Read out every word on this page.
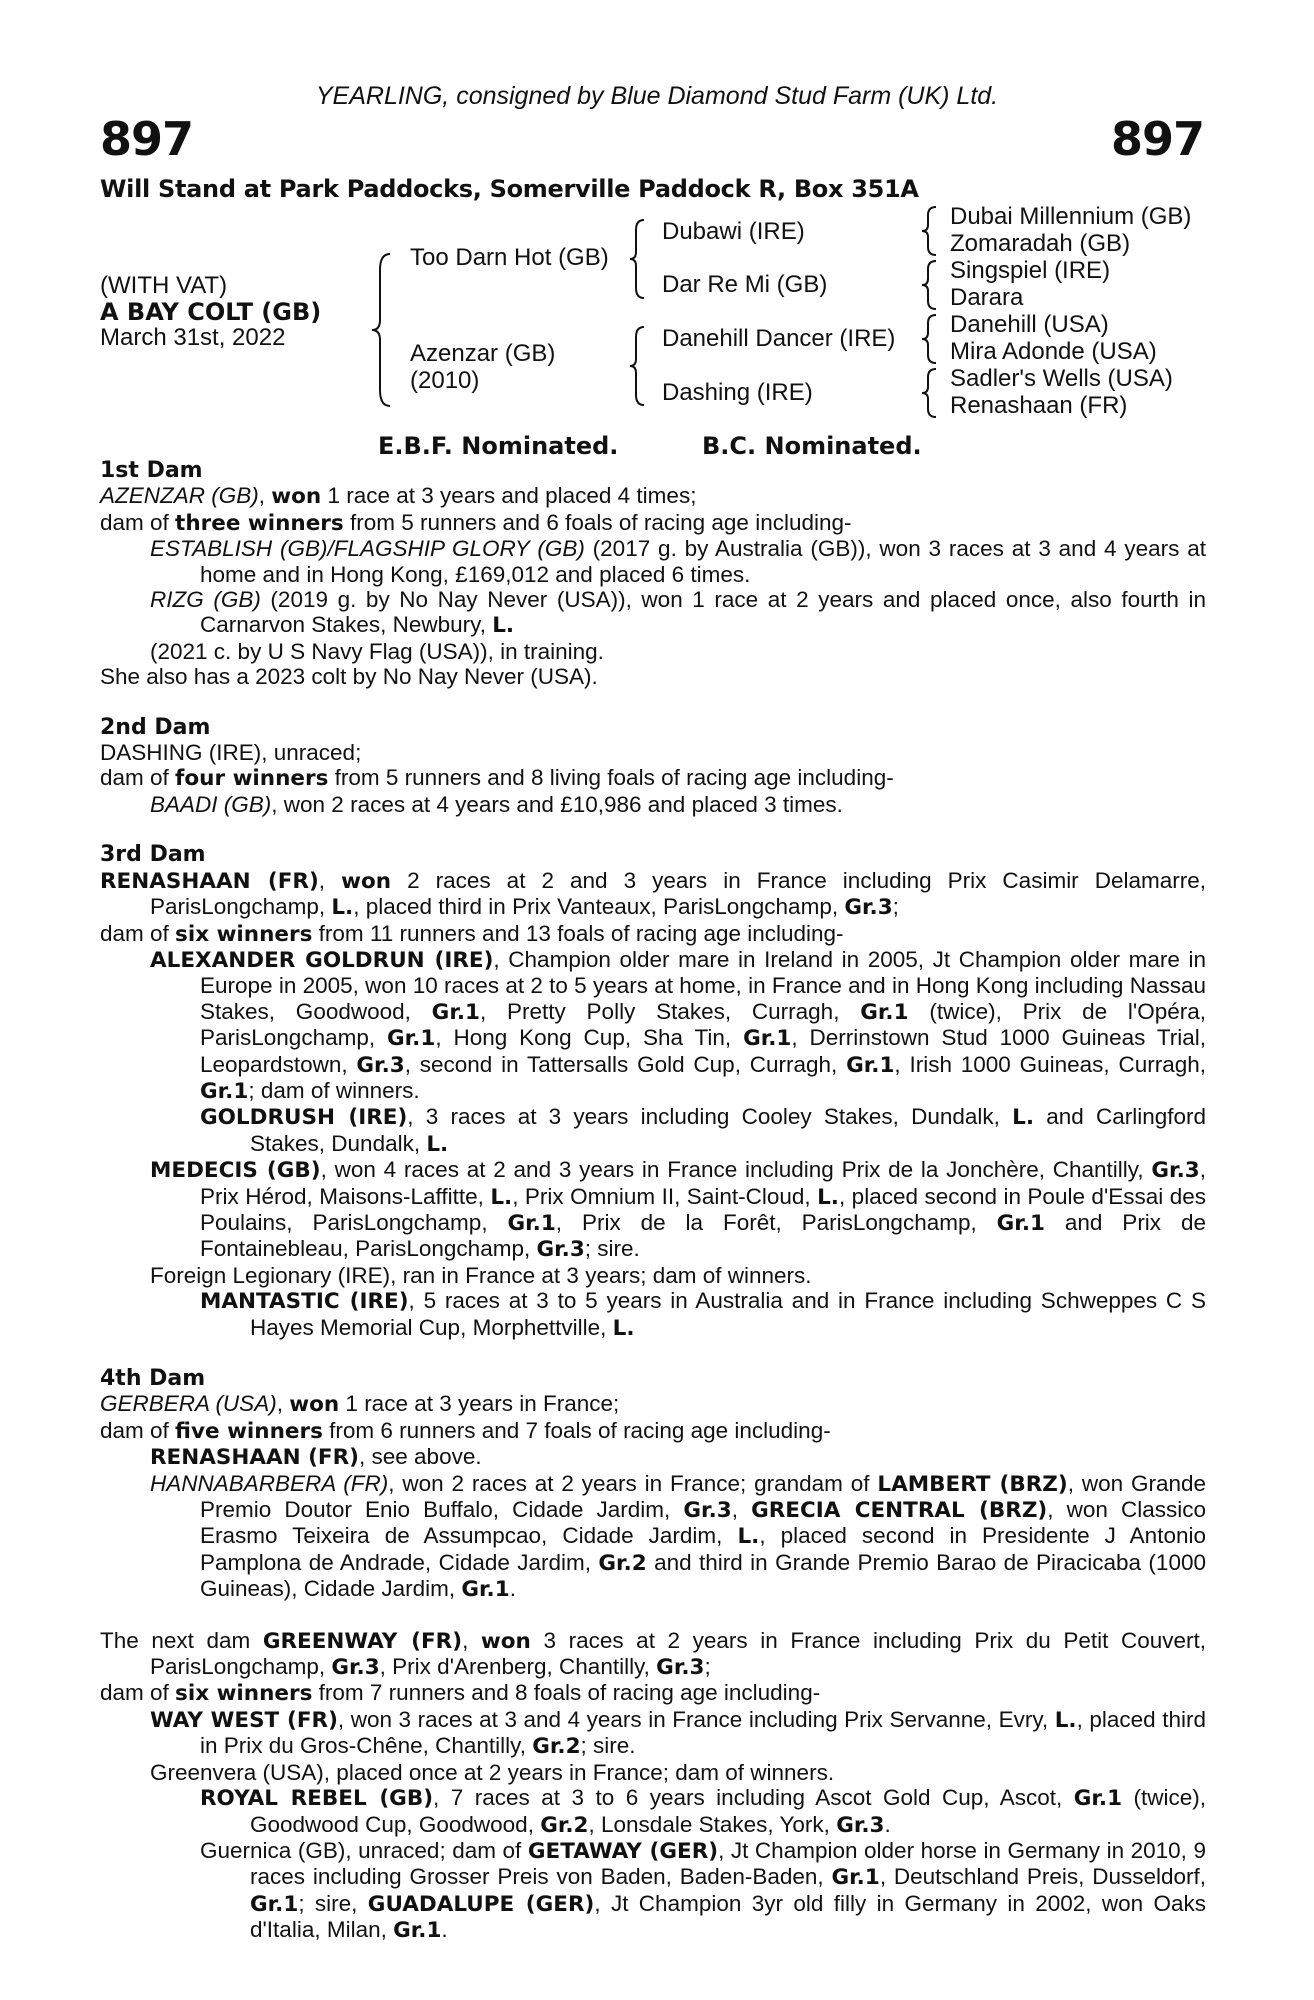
YEARLING, consigned by Blue Diamond Stud Farm (UK) Ltd.
897	897
Will Stand at Park Paddocks, Somerville Paddock R, Box 351A
(WITH VAT)
A BAY COLT (GB)
March 31st, 2022
Too Darn Hot (GB)
Azenzar (GB)
(2010)
Dubawi (IRE)
Dar Re Mi (GB)
Danehill Dancer (IRE)
Dashing (IRE)
Dubai Millennium (GB)
Zomaradah (GB)
Singspiel (IRE)
Darara
Danehill (USA)
Mira Adonde (USA)
Sadler's Wells (USA)
Renashaan (FR)
E.B.F. Nominated.	B.C. Nominated.

1st Dam

AZENZAR (GB), won 1 race at 3 years and placed 4 times;

dam of three winners from 5 runners and 6 foals of racing age including-

ESTABLISH (GB)/FLAGSHIP GLORY (GB) (2017 g. by Australia (GB)), won 3 races at 3 and 4 years at home and in Hong Kong, £169,012 and placed 6 times.

RIZG (GB) (2019 g. by No Nay Never (USA)), won 1 race at 2 years and placed once, also fourth in Carnarvon Stakes, Newbury, L.

(2021 c. by U S Navy Flag (USA)), in training.

She also has a 2023 colt by No Nay Never (USA).

2nd Dam

DASHING (IRE), unraced;

dam of four winners from 5 runners and 8 living foals of racing age including-

BAADI (GB), won 2 races at 4 years and £10,986 and placed 3 times.

3rd Dam

RENASHAAN (FR), won 2 races at 2 and 3 years in France including Prix Casimir Delamarre, ParisLongchamp, L., placed third in Prix Vanteaux, ParisLongchamp, Gr.3;

dam of six winners from 11 runners and 13 foals of racing age including-

ALEXANDER GOLDRUN (IRE), Champion older mare in Ireland in 2005, Jt Champion older mare in Europe in 2005, won 10 races at 2 to 5 years at home, in France and in Hong Kong including Nassau Stakes, Goodwood, Gr.1, Pretty Polly Stakes, Curragh, Gr.1 (twice), Prix de l'Opéra, ParisLongchamp, Gr.1, Hong Kong Cup, Sha Tin, Gr.1, Derrinstown Stud 1000 Guineas Trial, Leopardstown, Gr.3, second in Tattersalls Gold Cup, Curragh, Gr.1, Irish 1000 Guineas, Curragh, Gr.1; dam of winners.

GOLDRUSH (IRE), 3 races at 3 years including Cooley Stakes, Dundalk, L. and Carlingford Stakes, Dundalk, L.

MEDECIS (GB), won 4 races at 2 and 3 years in France including Prix de la Jonchère, Chantilly, Gr.3, Prix Hérod, Maisons-Laffitte, L., Prix Omnium II, Saint-Cloud, L., placed second in Poule d'Essai des Poulains, ParisLongchamp, Gr.1, Prix de la Forêt, ParisLongchamp, Gr.1 and Prix de Fontainebleau, ParisLongchamp, Gr.3; sire.

Foreign Legionary (IRE), ran in France at 3 years; dam of winners.

MANTASTIC (IRE), 5 races at 3 to 5 years in Australia and in France including Schweppes C S Hayes Memorial Cup, Morphettville, L.

4th Dam

GERBERA (USA), won 1 race at 3 years in France;

dam of five winners from 6 runners and 7 foals of racing age including-

RENASHAAN (FR), see above.

HANNABARBERA (FR), won 2 races at 2 years in France; grandam of LAMBERT (BRZ), won Grande Premio Doutor Enio Buffalo, Cidade Jardim, Gr.3, GRECIA CENTRAL (BRZ), won Classico Erasmo Teixeira de Assumpcao, Cidade Jardim, L., placed second in Presidente J Antonio Pamplona de Andrade, Cidade Jardim, Gr.2 and third in Grande Premio Barao de Piracicaba (1000 Guineas), Cidade Jardim, Gr.1.

The next dam GREENWAY (FR), won 3 races at 2 years in France including Prix du Petit Couvert, ParisLongchamp, Gr.3, Prix d'Arenberg, Chantilly, Gr.3;

dam of six winners from 7 runners and 8 foals of racing age including-

WAY WEST (FR), won 3 races at 3 and 4 years in France including Prix Servanne, Evry, L., placed third in Prix du Gros-Chêne, Chantilly, Gr.2; sire.

Greenvera (USA), placed once at 2 years in France; dam of winners.

ROYAL REBEL (GB), 7 races at 3 to 6 years including Ascot Gold Cup, Ascot, Gr.1 (twice), Goodwood Cup, Goodwood, Gr.2, Lonsdale Stakes, York, Gr.3.

Guernica (GB), unraced; dam of GETAWAY (GER), Jt Champion older horse in Germany in 2010, 9 races including Grosser Preis von Baden, Baden-Baden, Gr.1, Deutschland Preis, Dusseldorf, Gr.1; sire, GUADALUPE (GER), Jt Champion 3yr old filly in Germany in 2002, won Oaks d'Italia, Milan, Gr.1.
